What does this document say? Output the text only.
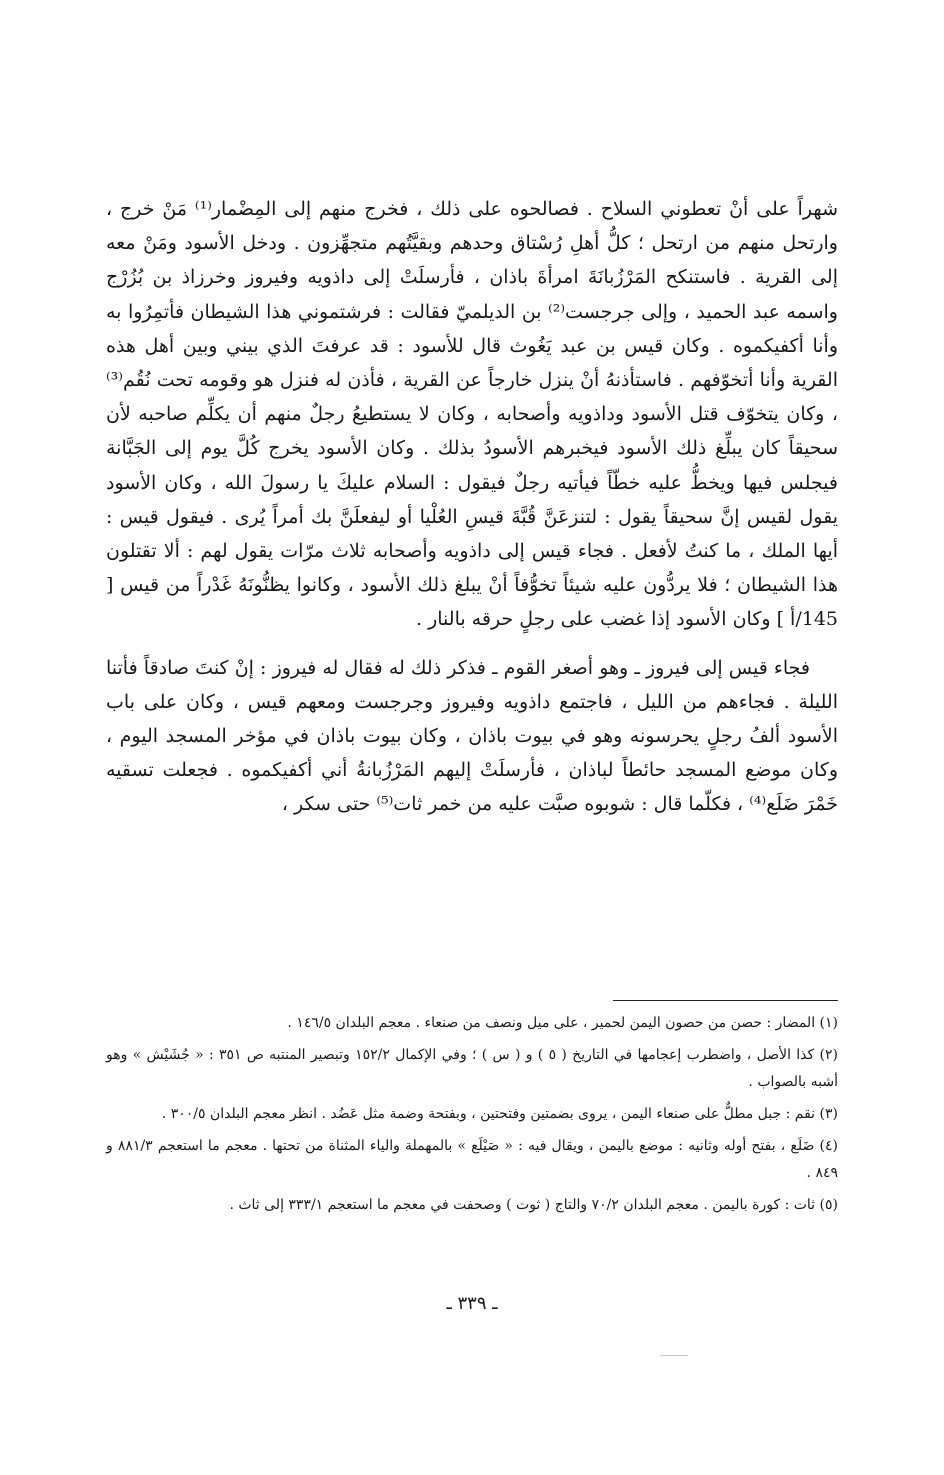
شهراً على أنْ تعطوني السلاح . فصالحوه على ذلك ، فخرج منهم إلى المِضْمار⁽¹⁾ مَنْ خرج ، وارتحل منهم من ارتحل ؛ كلُّ أهلِ رُسْتاق وحدهم وبقيَّتُهم متجهِّزون . ودخل الأسود ومَنْ معه إلى القرية . فاستنكح المَرْزُبانَةَ امرأةَ باذان ، فأرسلَتْ إلى داذويه وفيروز وخرزاذ بن بُزُرْج واسمه عبد الحميد ، وإلى جرجست⁽²⁾ بن الديلميّ فقالت : فرشتموني هذا الشيطان فأتمِرُوا به وأنا أكفيكموه . وكان قيس بن عبد يَغُوث قال للأسود : قد عرفتَ الذي بيني وبين أهل هذه القرية وأنا أتخوّفهم . فاستأذنهُ أنْ ينزل خارجاً عن القرية ، فأذن له فنزل هو وقومه تحت نُقُم⁽³⁾ ، وكان يتخوّف قتل الأسود وداذويه وأصحابه ، وكان لا يستطيعُ رجلٌ منهم أن يكلِّم صاحبه لأن سحيقاً كان يبلِّغ ذلك الأسود فيخبرهم الأسودُ بذلك . وكان الأسود يخرج كُلَّ يوم إلى الجَبَّانة فيجلس فيها ويخطُّ عليه خطّاً فيأتيه رجلٌ فيقول : السلام عليكَ يا رسولَ الله ، وكان الأسود يقول لقيس إنَّ سحيقاً يقول : لتنزعَنَّ قُبَّةَ قيسِ العُلْيا أو ليفعلَنَّ بك أمراً يُرى . فيقول قيس : أيها الملك ، ما كنتُ لأفعل . فجاء قيس إلى داذويه وأصحابه ثلاث مرّات يقول لهم : ألا تقتلون هذا الشيطان ؛ فلا يردُّون عليه شيئاً تخوُّفاً أنْ يبلغ ذلك الأسود ، وكانوا يظنُّونَهُ غَدْراً من قيس [ 145/أ ] وكان الأسود إذا غضب على رجلٍ حرقه بالنار .

فجاء قيس إلى فيروز ـ وهو أصغر القوم ـ فذكر ذلك له فقال له فيروز : إنْ كنتَ صادقاً فأتنا الليلة . فجاءهم من الليل ، فاجتمع داذويه وفيروز وجرجست ومعهم قيس ، وكان على باب الأسود ألفُ رجلٍ يحرسونه وهو في بيوت باذان ، وكان بيوت باذان في مؤخر المسجد اليوم ، وكان موضع المسجد حائطاً لباذان ، فأرسلَتْ إليهم المَرْزُبانةُ أني أكفيكموه . فجعلت تسقيه خَمْرَ ضَلَع⁽⁴⁾ ، فكلّما قال : شوبوه صبَّت عليه من خمر ثات⁽⁵⁾ حتى سكر ،

(١) المضار : حصن من حصون اليمن لحمير ، على ميل ونصف من صنعاء . معجم البلدان ١٤٦/٥ .

(٢) كذا الأصل ، واضطرب إعجامها في التاريخ ( ٥ ) و ( س ) ؛ وفي الإكمال ١٥٢/٢ وتبصير المنتبه ص ٣٥١ : « جُشَيْش » وهو أشبه بالصواب .

(٣) نقم : جبل مطلٌّ على صنعاء اليمن ، يروى بضمتين وفتحتين ، وبفتحة وضمة مثل عَضُد . انظر معجم البلدان ٣٠٠/٥ .

(٤) ضَلَع ، بفتح أوله وثانيه : موضع باليمن ، ويقال فيه : « صَيْلَع » بالمهملة والياء المثناة من تحتها . معجم ما استعجم ٨٨١/٣ و ٨٤٩ .

(٥) ثات : كورة باليمن . معجم البلدان ٧٠/٢ والتاج ( ثوت ) وصحفت في معجم ما استعجم ٣٣٣/١ إلى ثاث .

ـ ٣٣٩ ـ
